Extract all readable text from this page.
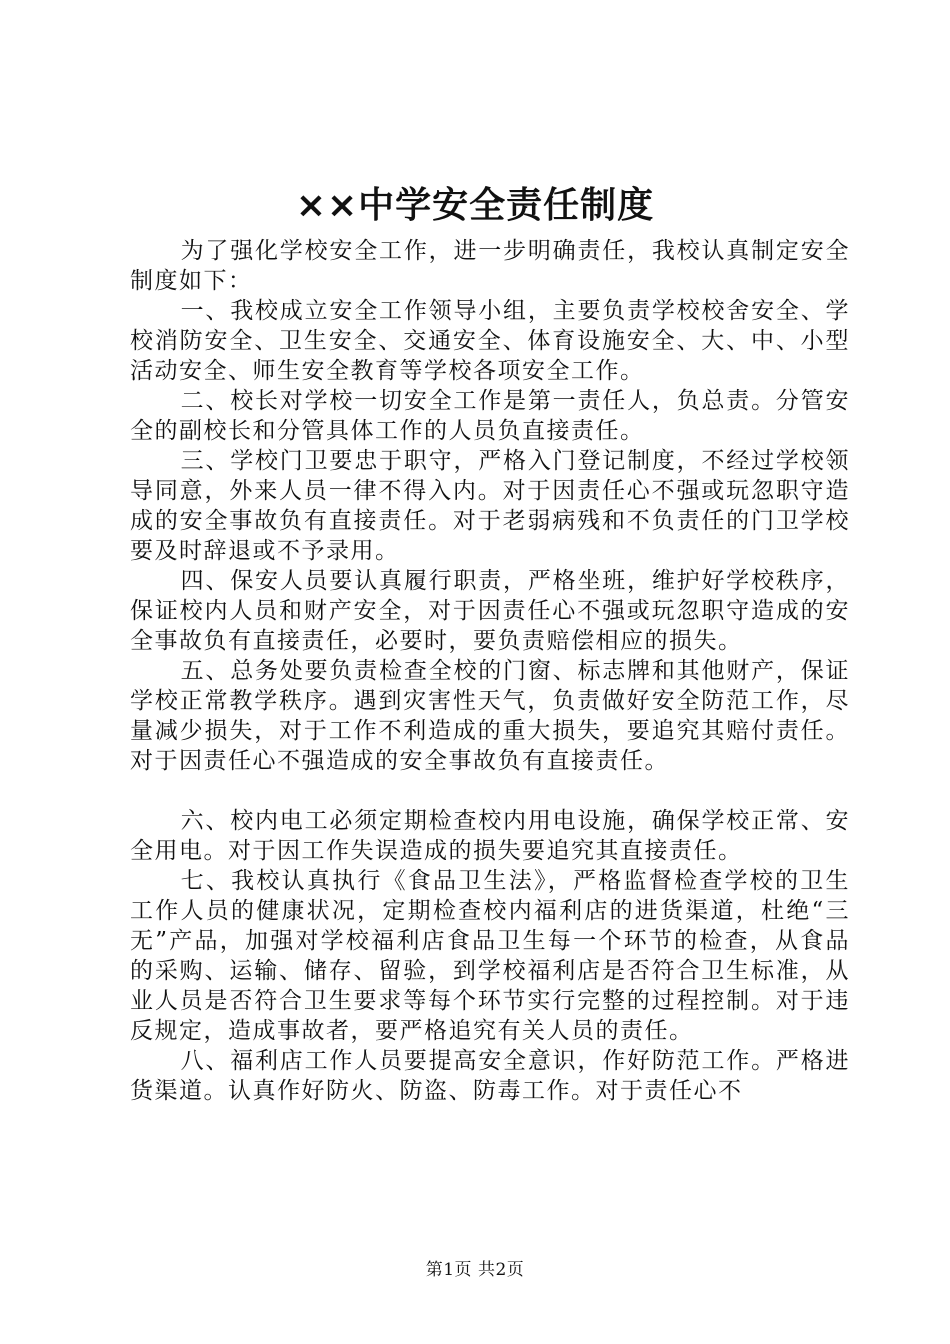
××中学安全责任制度

为了强化学校安全工作，进一步明确责任，我校认真制定安全制度如下：

一、我校成立安全工作领导小组，主要负责学校校舍安全、学校消防安全、卫生安全、交通安全、体育设施安全、大、中、小型活动安全、师生安全教育等学校各项安全工作。

二、校长对学校一切安全工作是第一责任人，负总责。分管安全的副校长和分管具体工作的人员负直接责任。

三、学校门卫要忠于职守，严格入门登记制度，不经过学校领导同意，外来人员一律不得入内。对于因责任心不强或玩忽职守造成的安全事故负有直接责任。对于老弱病残和不负责任的门卫学校要及时辞退或不予录用。

四、保安人员要认真履行职责，严格坐班，维护好学校秩序，保证校内人员和财产安全，对于因责任心不强或玩忽职守造成的安全事故负有直接责任，必要时，要负责赔偿相应的损失。

五、总务处要负责检查全校的门窗、标志牌和其他财产，保证学校正常教学秩序。遇到灾害性天气，负责做好安全防范工作，尽量减少损失，对于工作不利造成的重大损失，要追究其赔付责任。对于因责任心不强造成的安全事故负有直接责任。

六、校内电工必须定期检查校内用电设施，确保学校正常、安全用电。对于因工作失误造成的损失要追究其直接责任。

七、我校认真执行《食品卫生法》，严格监督检查学校的卫生工作人员的健康状况，定期检查校内福利店的进货渠道，杜绝“三无”产品，加强对学校福利店食品卫生每一个环节的检查，从食品的采购、运输、储存、留验，到学校福利店是否符合卫生标准，从业人员是否符合卫生要求等每个环节实行完整的过程控制。对于违反规定，造成事故者，要严格追究有关人员的责任。

八、福利店工作人员要提高安全意识，作好防范工作。严格进货渠道。认真作好防火、防盗、防毒工作。对于责任心不

第1页 共2页
